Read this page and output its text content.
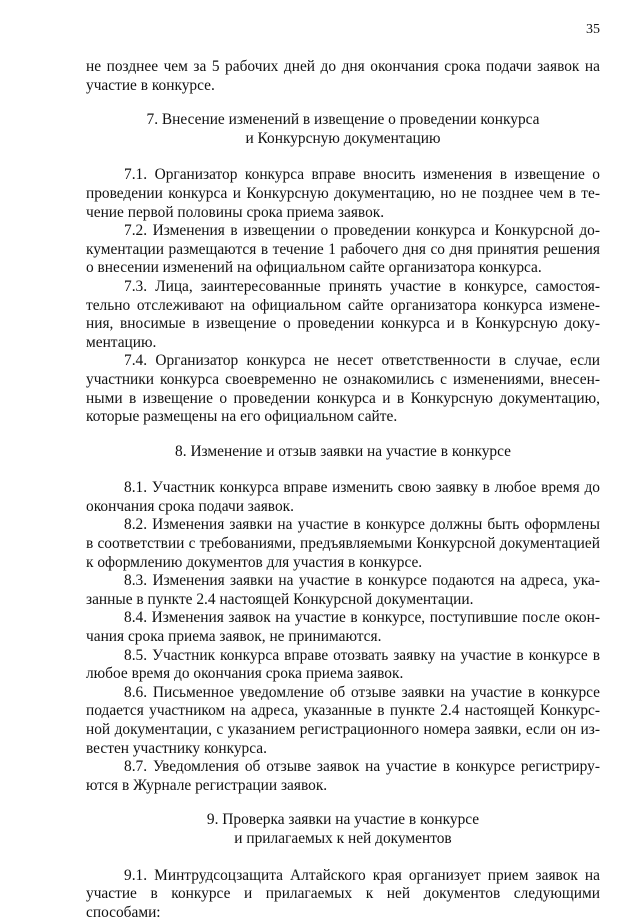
35

не позднее чем за 5 рабочих дней до дня окончания срока подачи заявок на участие в конкурсе.

7. Внесение изменений в извещение о проведении конкурса
и Конкурсную документацию

7.1. Организатор конкурса вправе вносить изменения в извещение о проведении конкурса и Конкурсную документацию, но не позднее чем в течение первой половины срока приема заявок.

7.2. Изменения в извещении о проведении конкурса и Конкурсной документации размещаются в течение 1 рабочего дня со дня принятия решения о внесении изменений на официальном сайте организатора конкурса.

7.3. Лица, заинтересованные принять участие в конкурсе, самостоятельно отслеживают на официальном сайте организатора конкурса изменения, вносимые в извещение о проведении конкурса и в Конкурсную документацию.

7.4. Организатор конкурса не несет ответственности в случае, если участники конкурса своевременно не ознакомились с изменениями, внесенными в извещение о проведении конкурса и в Конкурсную документацию, которые размещены на его официальном сайте.

8. Изменение и отзыв заявки на участие в конкурсе

8.1. Участник конкурса вправе изменить свою заявку в любое время до окончания срока подачи заявок.

8.2. Изменения заявки на участие в конкурсе должны быть оформлены в соответствии с требованиями, предъявляемыми Конкурсной документацией к оформлению документов для участия в конкурсе.

8.3. Изменения заявки на участие в конкурсе подаются на адреса, указанные в пункте 2.4 настоящей Конкурсной документации.

8.4. Изменения заявок на участие в конкурсе, поступившие после окончания срока приема заявок, не принимаются.

8.5. Участник конкурса вправе отозвать заявку на участие в конкурсе в любое время до окончания срока приема заявок.

8.6. Письменное уведомление об отзыве заявки на участие в конкурсе подается участником на адреса, указанные в пункте 2.4 настоящей Конкурсной документации, с указанием регистрационного номера заявки, если он известен участнику конкурса.

8.7. Уведомления об отзыве заявок на участие в конкурсе регистрируются в Журнале регистрации заявок.

9. Проверка заявки на участие в конкурсе
и прилагаемых к ней документов

9.1. Минтрудсоцзащита Алтайского края организует прием заявок на участие в конкурсе и прилагаемых к ней документов следующими способами:
